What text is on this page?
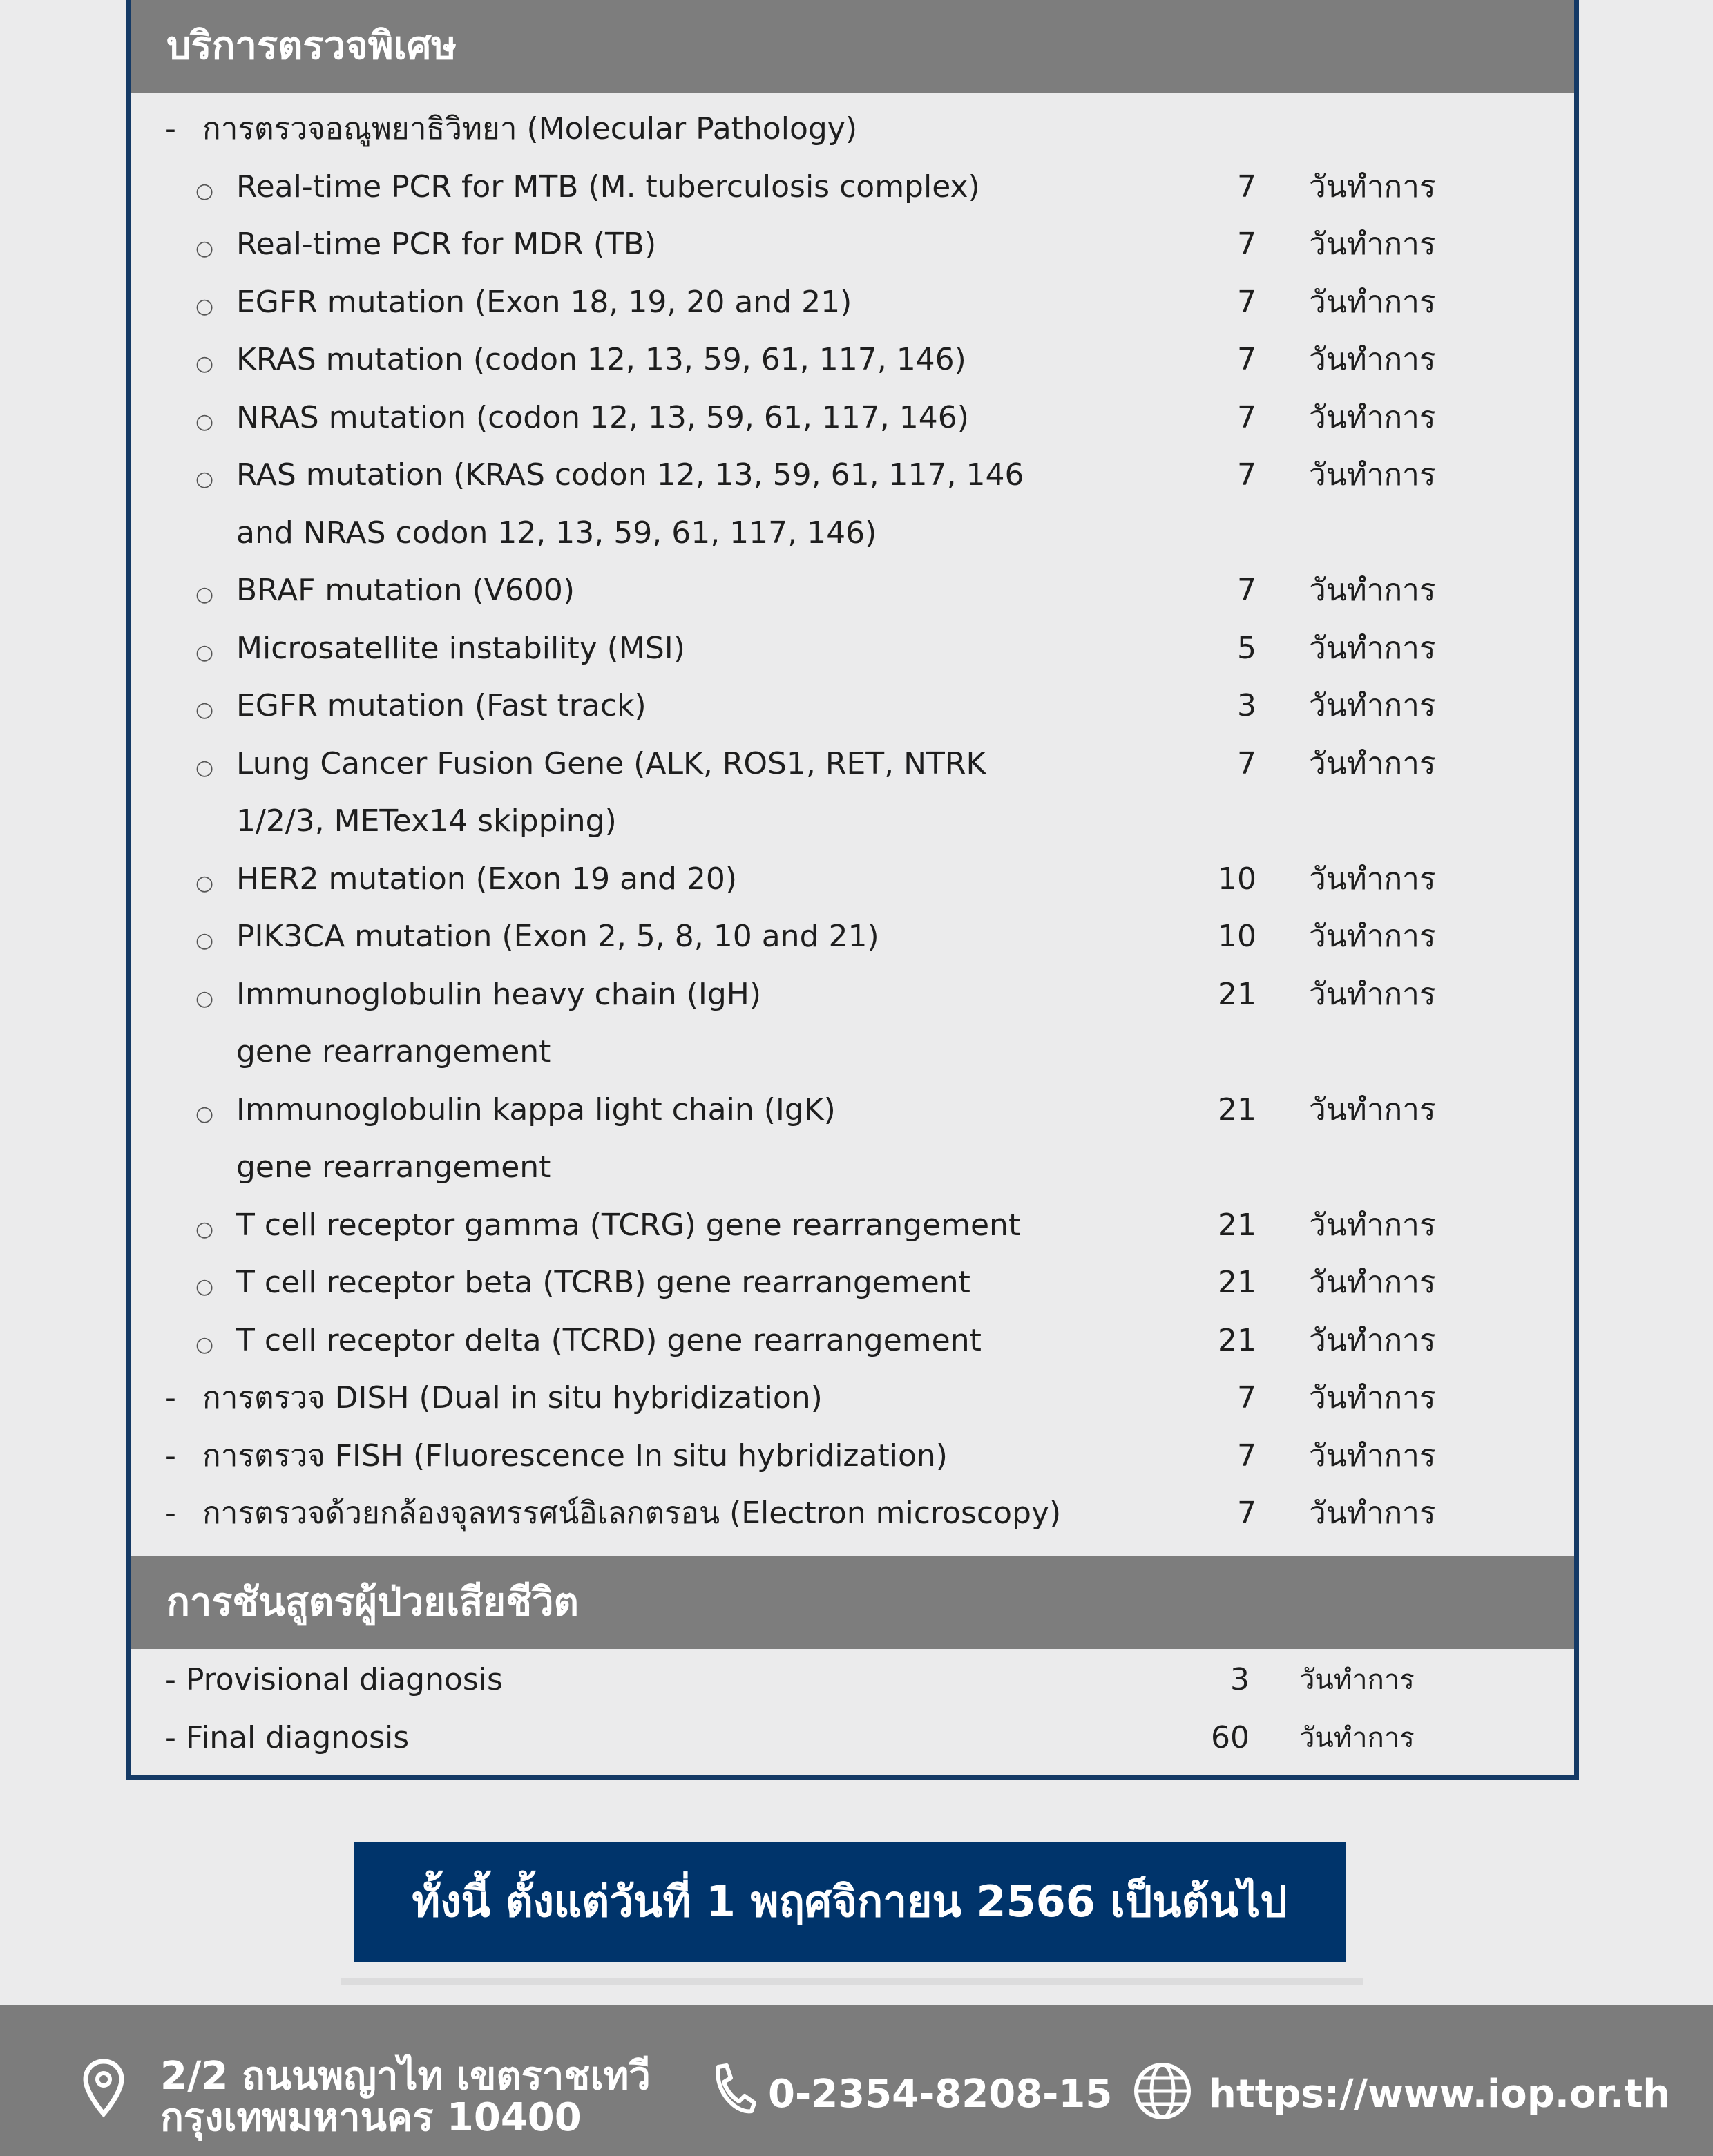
บริการตรวจพิเศษ
- การตรวจอณูพยาธิวิทยา (Molecular Pathology)
○ Real-time PCR for MTB (M. tuberculosis complex)	7 วันทำการ
○ Real-time PCR for MDR (TB)	7 วันทำการ
○ EGFR mutation (Exon 18, 19, 20 and 21)	7 วันทำการ
○ KRAS mutation (codon 12, 13, 59, 61, 117, 146)	7 วันทำการ
○ NRAS mutation (codon 12, 13, 59, 61, 117, 146)	7 วันทำการ
○ RAS mutation (KRAS codon 12, 13, 59, 61, 117, 146	7 วันทำการ
and NRAS codon 12, 13, 59, 61, 117, 146)
○ BRAF mutation (V600)	7 วันทำการ
○ Microsatellite instability (MSI)	5 วันทำการ
○ EGFR mutation (Fast track)	3 วันทำการ
○ Lung Cancer Fusion Gene (ALK, ROS1, RET, NTRK	7 วันทำการ
1/2/3, METex14 skipping)
○ HER2 mutation (Exon 19 and 20)	10 วันทำการ
○ PIK3CA mutation (Exon 2, 5, 8, 10 and 21)	10 วันทำการ
○ Immunoglobulin heavy chain (IgH)	21 วันทำการ
gene rearrangement
○ Immunoglobulin kappa light chain (IgK)	21 วันทำการ
gene rearrangement
○ T cell receptor gamma (TCRG) gene rearrangement	21 วันทำการ
○ T cell receptor beta (TCRB) gene rearrangement	21 วันทำการ
○ T cell receptor delta (TCRD) gene rearrangement	21 วันทำการ
- การตรวจ DISH (Dual in situ hybridization)	7 วันทำการ
- การตรวจ FISH (Fluorescence In situ hybridization)	7 วันทำการ
- การตรวจด้วยกล้องจุลทรรศน์อิเลกตรอน (Electron microscopy)	7 วันทำการ
การชันสูตรผู้ป่วยเสียชีวิต
- Provisional diagnosis	3 วันทำการ
- Final diagnosis	60 วันทำการ
ทั้งนี้ ตั้งแต่วันที่ 1 พฤศจิกายน 2566 เป็นต้นไป
2/2 ถนนพญาไท เขตราชเทวี
กรุงเทพมหานคร 10400
0-2354-8208-15 https://www.iop.or.th
